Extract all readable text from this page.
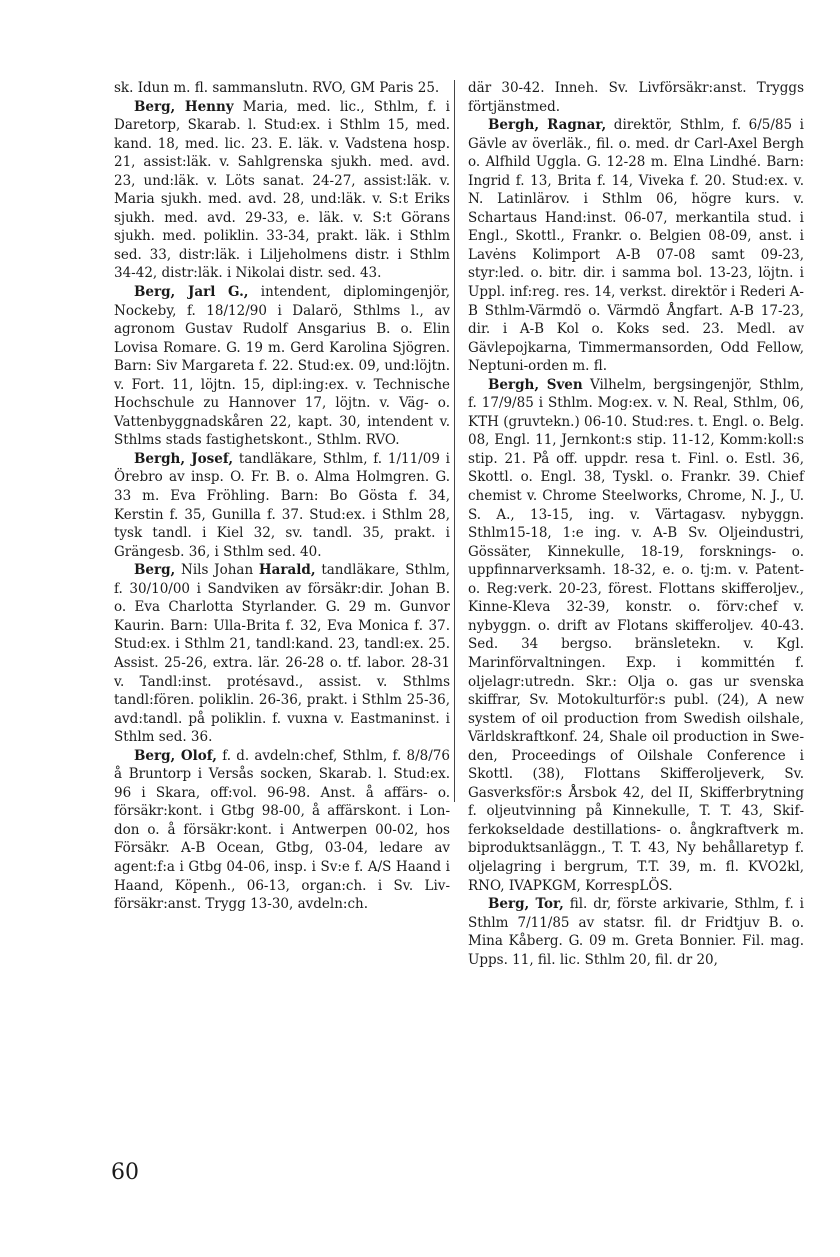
sk. Idun m. fl. sammanslutn. RVO, GM Paris 25.

Berg, Henny Maria, med. lic., Sthlm, f. i Daretorp, Skarab. l. Stud:ex. i Sthlm 15, med. kand. 18, med. lic. 23. E. läk. v. Vadstena hosp. 21, assist:läk. v. Sahlgrenska sjukh. med. avd. 23, und:läk. v. Löts sanat. 24-27, assist:läk. v. Maria sjukh. med. avd. 28, und:läk. v. S:t Eriks sjukh. med. avd. 29-33, e. läk. v. S:t Görans sjukh. med. poliklin. 33-34, prakt. läk. i Sthlm sed. 33, distr:läk. i Liljeholmens distr. i Sthlm 34-42, distr:läk. i Nikolai distr. sed. 43.

Berg, Jarl G., intendent, diplomingenjör, Nockeby, f. 18/12/90 i Dalarö, Sthlms l., av agronom Gustav Rudolf Ansgarius B. o. Elin Lovisa Romare. G. 19 m. Gerd Karolina Sjögren. Barn: Siv Margareta f. 22. Stud:ex. 09, und:löjtn. v. Fort. 11, löjtn. 15, dipl:ing:ex. v. Technische Hochschule zu Hannover 17, löjtn. v. Väg- o. Vattenbyggnadskåren 22, kapt. 30, intendent v. Sthlms stads fastighetskont., Sthlm. RVO.

Bergh, Josef, tandläkare, Sthlm, f. 1/11/09 i Örebro av insp. O. Fr. B. o. Alma Holmgren. G. 33 m. Eva Fröhling. Barn: Bo Gösta f. 34, Kerstin f. 35, Gunilla f. 37. Stud:ex. i Sthlm 28, tysk tandl. i Kiel 32, sv. tandl. 35, prakt. i Grängesb. 36, i Sthlm sed. 40.

Berg, Nils Johan Harald, tandläkare, Sthlm, f. 30/10/00 i Sandviken av försäkr:dir. Johan B. o. Eva Charlotta Styrlander. G. 29 m. Gunvor Kaurin. Barn: Ulla-Brita f. 32, Eva Monica f. 37. Stud:ex. i Sthlm 21, tandl:kand. 23, tandl:ex. 25. Assist. 25-26, extra. lär. 26-28 o. tf. labor. 28-31 v. Tandl:inst. protésavd., assist. v. Sthlms tandl:fören. poliklin. 26-36, prakt. i Sthlm 25-36, avd:tandl. på poliklin. f. vuxna v. Eastmaninst. i Sthlm sed. 36.

Berg, Olof, f. d. avdeln:chef, Sthlm, f. 8/8/76 å Bruntorp i Versås socken, Skarab. l. Stud:ex. 96 i Skara, off:vol. 96-98. Anst. å affärs- o. försäkr:kont. i Gtbg 98-00, å affärskont. i London o. å försäkr:kont. i Antwerpen 00-02, hos Försäkr. A-B Ocean, Gtbg, 03-04, ledare av agent:f:a i Gtbg 04-06, insp. i Sv:e f. A/S Haand i Haand, Köpenh., 06-13, organ:ch. i Sv. Livförsäkr:anst. Trygg 13-30, avdeln:ch.

där 30-42. Inneh. Sv. Livförsäkr:anst. Tryggs förtjänstmed.

Bergh, Ragnar, direktör, Sthlm, f. 6/5/85 i Gävle av överläk., fil. o. med. dr Carl-Axel Bergh o. Alfhild Uggla. G. 12-28 m. Elna Lindhé. Barn: Ingrid f. 13, Brita f. 14, Viveka f. 20. Stud:ex. v. N. Latinlärov. i Sthlm 06, högre kurs. v. Schartaus Hand:inst. 06-07, merkantila stud. i Engl., Skottl., Frankr. o. Belgien 08-09, anst. i Lavėns Kolimport A-B 07-08 samt 09-23, styr:led. o. bitr. dir. i samma bol. 13-23, löjtn. i Uppl. inf:reg. res. 14, verkst. direktör i Rederi A-B Sthlm-Värmdö o. Värmdö Ångfart. A-B 17-23, dir. i A-B Kol o. Koks sed. 23. Medl. av Gävlepojkarna, Timmermansorden, Odd Fellow, Neptuni-orden m. fl.

Bergh, Sven Vilhelm, bergsingenjör, Sthlm, f. 17/9/85 i Sthlm. Mog:ex. v. N. Real, Sthlm, 06, KTH (gruvtekn.) 06-10. Stud:res. t. Engl. o. Belg. 08, Engl. 11, Jernkont:s stip. 11-12, Komm:koll:s stip. 21. På off. uppdr. resa t. Finl. o. Estl. 36, Skottl. o. Engl. 38, Tyskl. o. Frankr. 39. Chief chemist v. Chrome Steelworks, Chrome, N. J., U. S. A., 13-15, ing. v. Värtagasv. nybyggn. Sthlm15-18, 1:e ing. v. A-B Sv. Oljeindustri, Gössäter, Kinnekulle, 18-19, forsknings- o. uppfinnarverksamh. 18-32, e. o. tj:m. v. Patent- o. Reg:verk. 20-23, förest. Flottans skifferoljev., Kinne-Kleva 32-39, konstr. o. förv:chef v. nybyggn. o. drift av Flotans skifferoljev. 40-43. Sed. 34 bergso. bränsletekn. v. Kgl. Marinförvaltningen. Exp. i kommittén f. oljelagr:utredn. Skr.: Olja o. gas ur svenska skiffrar, Sv. Motokulturför:s publ. (24), A new system of oil production from Swedish oilshale, Världskraftkonf. 24, Shale oil production in Sweden, Proceedings of Oilshale Conference i Skottl. (38), Flottans Skifferoljeverk, Sv. Gasverksför:s Årsbok 42, del II, Skifferbrytning f. oljeutvinning på Kinnekulle, T. T. 43, Skifferkokseldade destillations- o. ångkraftverk m. biproduktsanläggn., T. T. 43, Ny behållaretyp f. oljelagring i bergrum, T.T. 39, m. fl. KVO2kl, RNO, IVAPKGM, KorrespLÖS.

Berg, Tor, fil. dr, förste arkivarie, Sthlm, f. i Sthlm 7/11/85 av statsr. fil. dr Fridtjuv B. o. Mina Kåberg. G. 09 m. Greta Bonnier. Fil. mag. Upps. 11, fil. lic. Sthlm 20, fil. dr 20,

60
